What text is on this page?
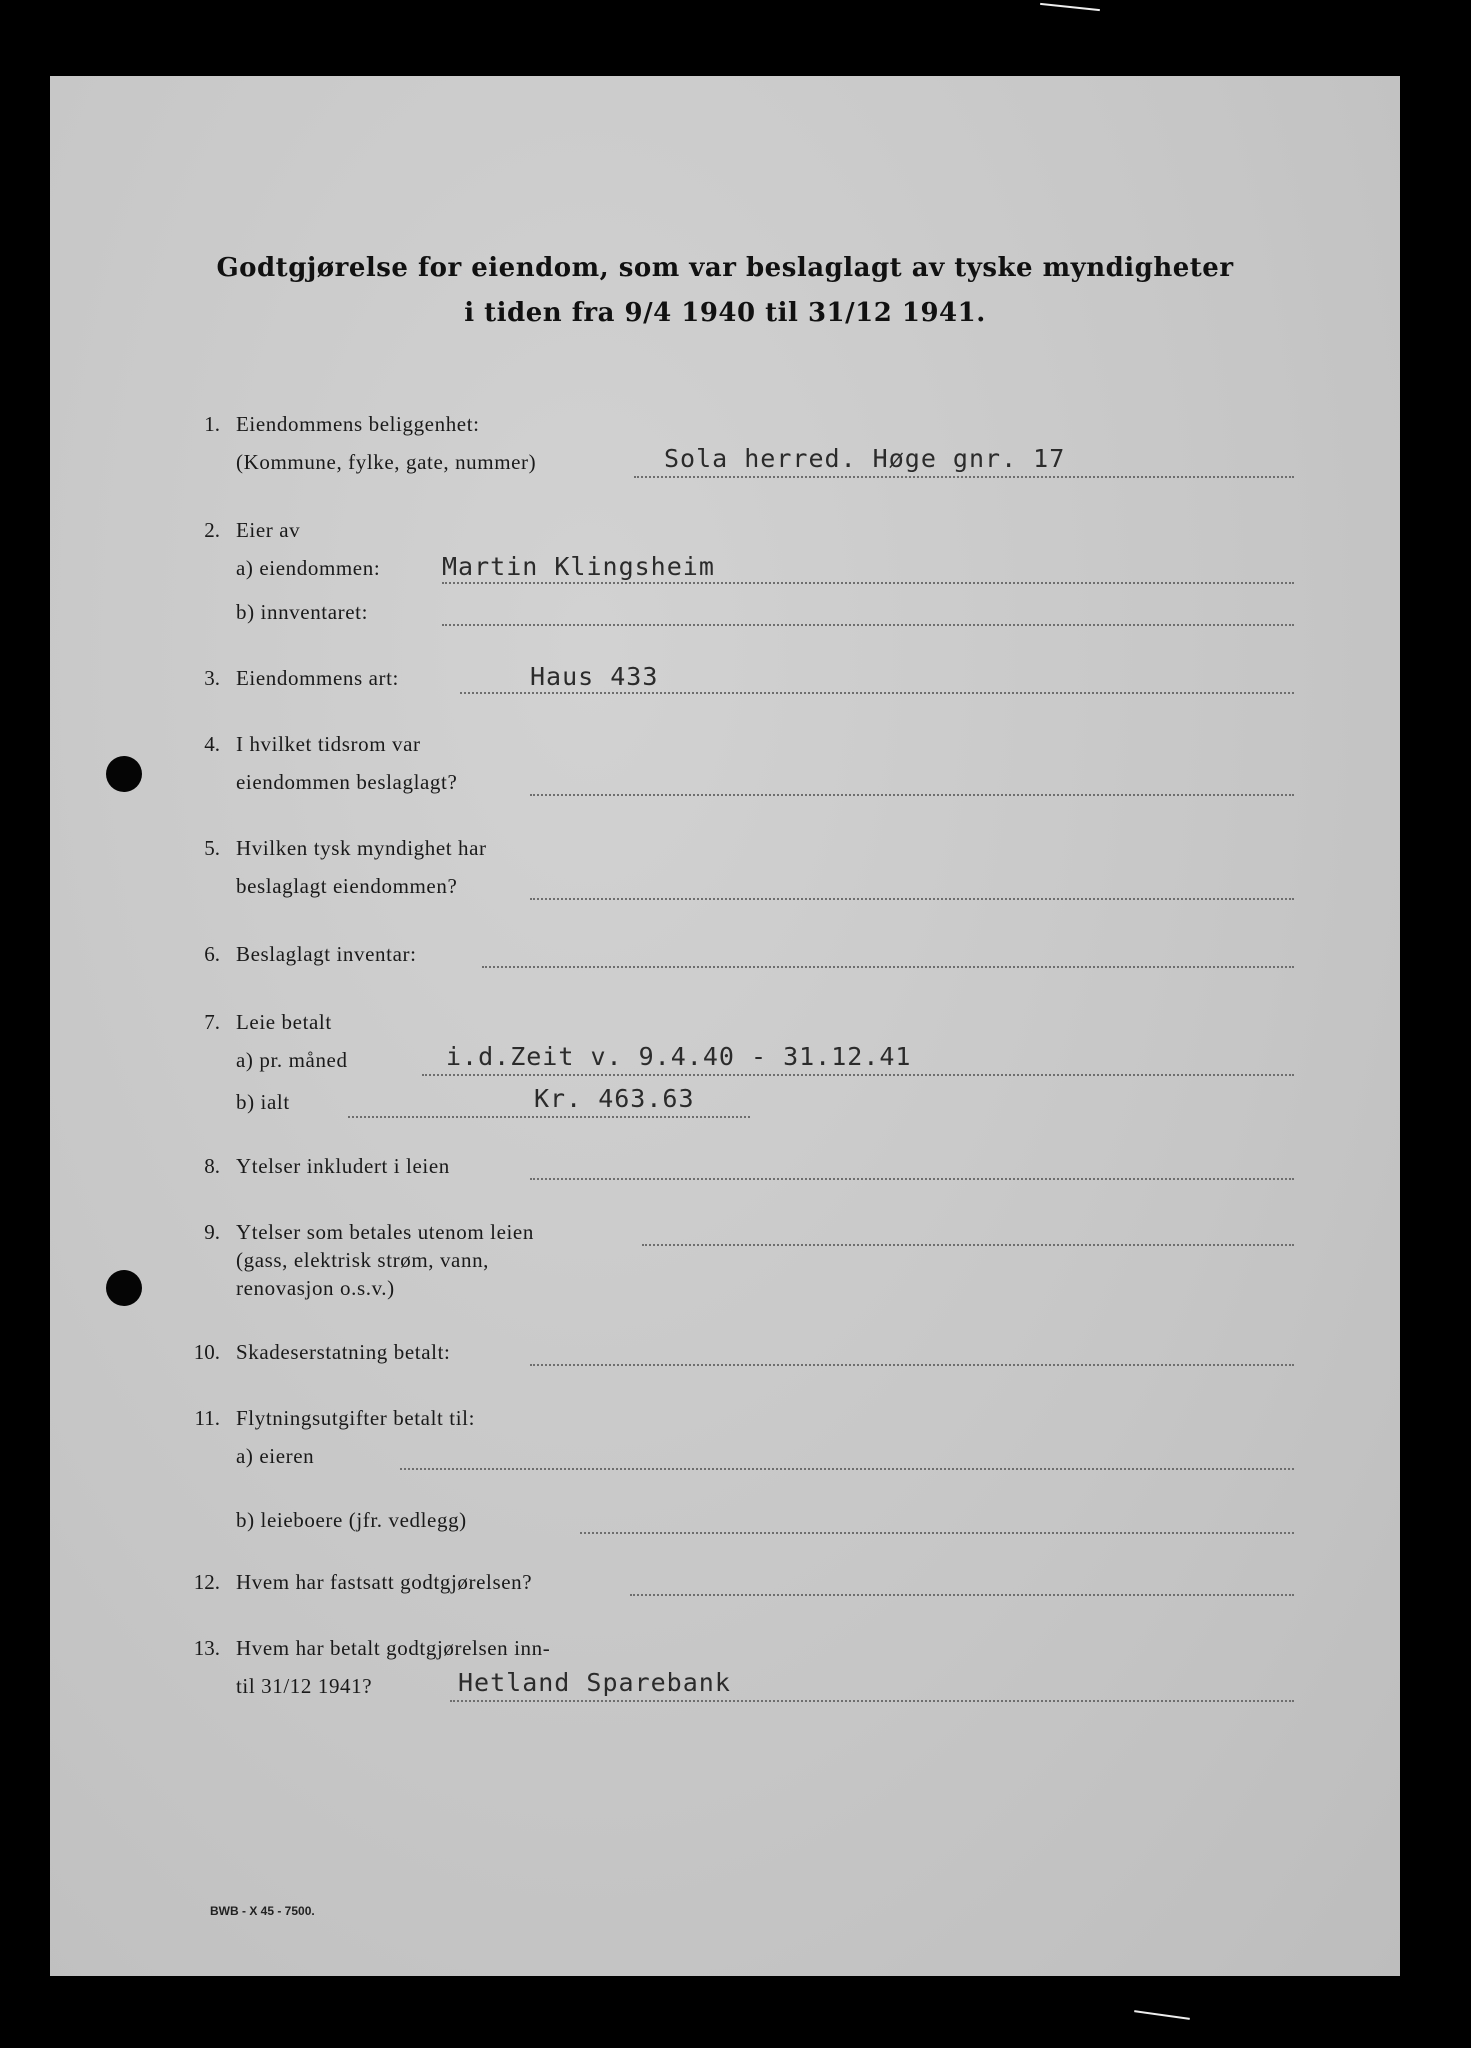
Godtgjørelse for eiendom, som var beslaglagt av tyske myndigheter
i tiden fra 9/4 1940 til 31/12 1941.
1. Eiendommens beliggenhet:
(Kommune, fylke, gate, nummer)	Sola herred. Høge gnr. 17
2. Eier av
a) eiendommen: Martin Klingsheim
b) innventaret:
3. Eiendommens art:	Haus 433
4. I hvilket tidsrom var
eiendommen beslaglagt?
5. Hvilken tysk myndighet har
beslaglagt eiendommen?
6. Beslaglagt inventar:
7. Leie betalt
a) pr. måned	i.d.Zeit v. 9.4.40 - 31.12.41
b) ialt	Kr. 463.63
8. Ytelser inkludert i leien
9. Ytelser som betales utenom leien
(gass, elektrisk strøm, vann,
renovasjon o.s.v.)
10. Skadeserstatning betalt:
11. Flytningsutgifter betalt til:
a) eieren
b) leieboere (jfr. vedlegg)
12. Hvem har fastsatt godtgjørelsen?
13. Hvem har betalt godtgjørelsen inn-
til 31/12 1941?	Hetland Sparebank
BWB - X 45 - 7500.
